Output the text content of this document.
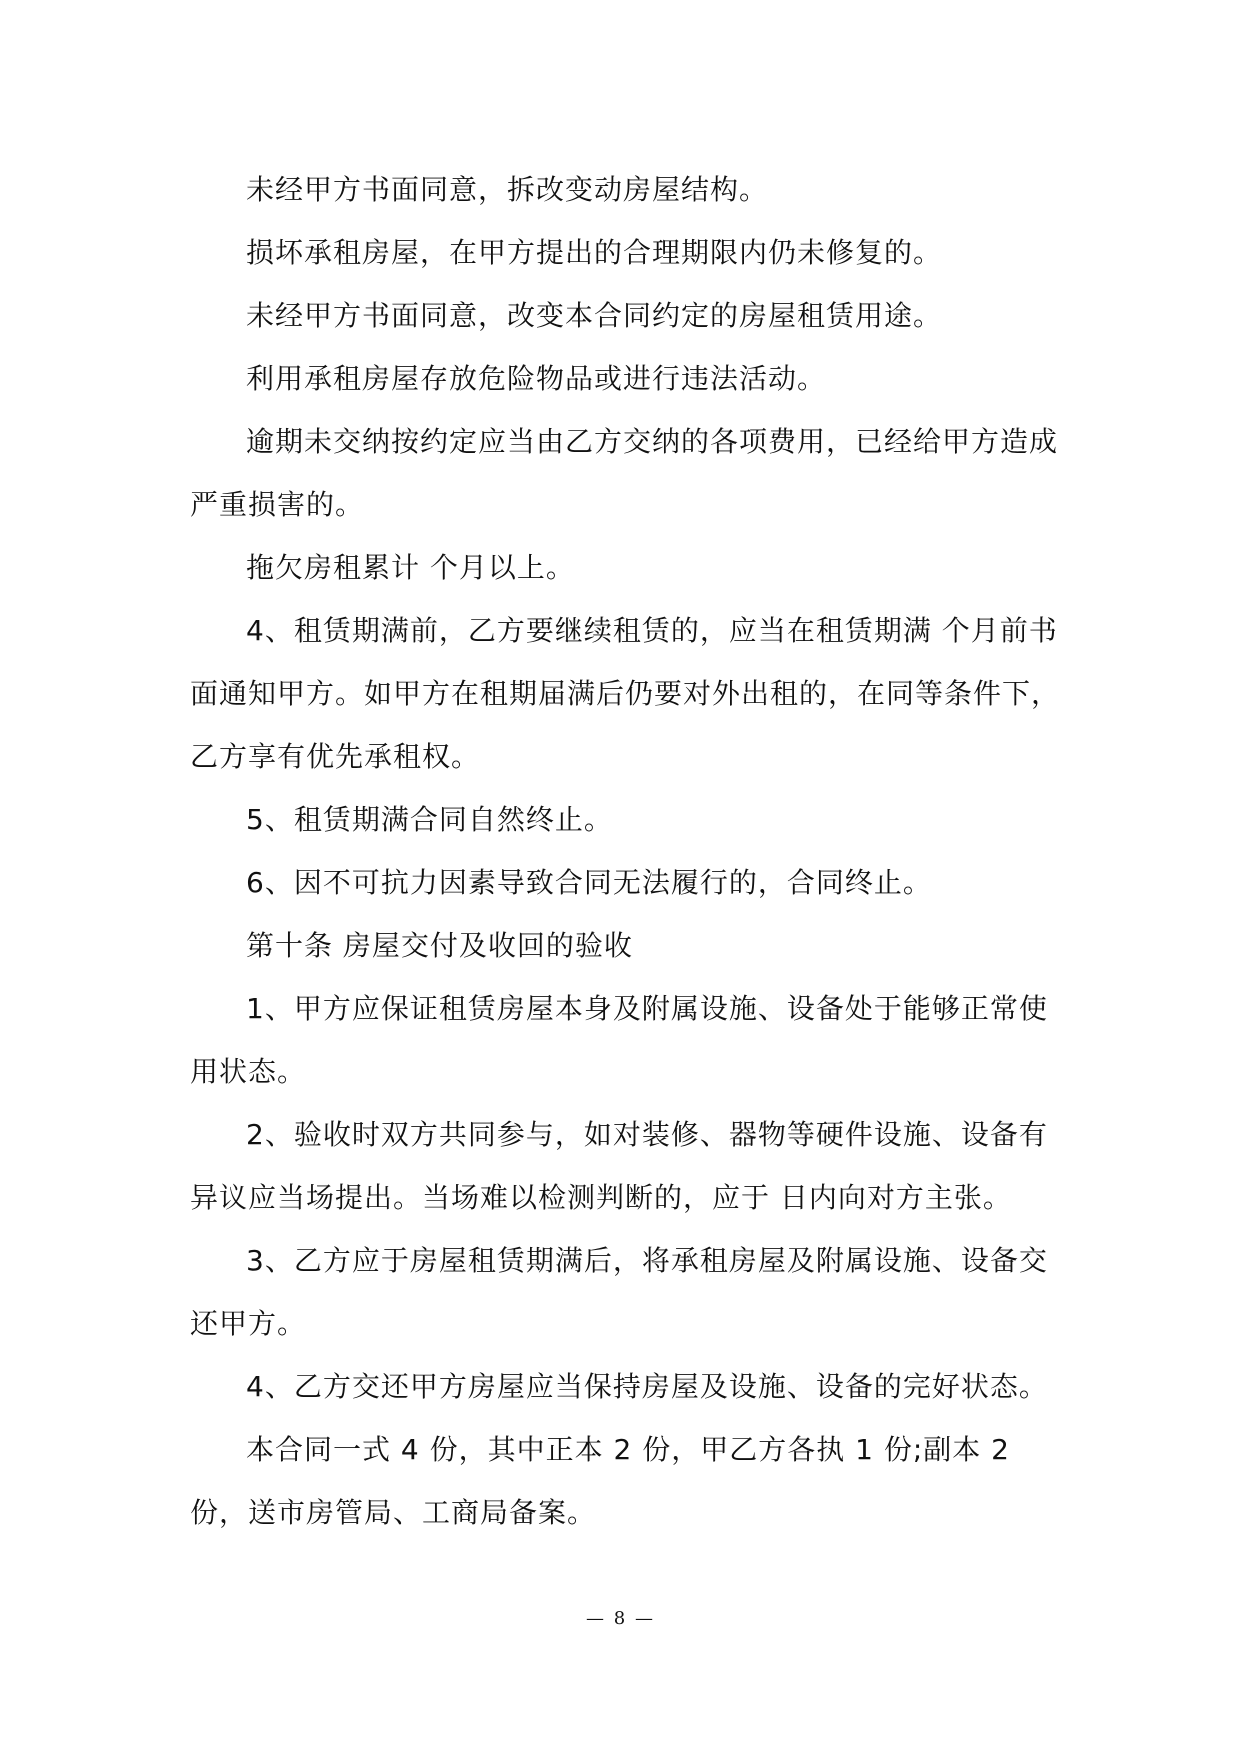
未经甲方书面同意，拆改变动房屋结构。

损坏承租房屋，在甲方提出的合理期限内仍未修复的。

未经甲方书面同意，改变本合同约定的房屋租赁用途。

利用承租房屋存放危险物品或进行违法活动。

逾期未交纳按约定应当由乙方交纳的各项费用，已经给甲方造成严重损害的。

拖欠房租累计 个月以上。

4、租赁期满前，乙方要继续租赁的，应当在租赁期满 个月前书面通知甲方。如甲方在租期届满后仍要对外出租的，在同等条件下，乙方享有优先承租权。

5、租赁期满合同自然终止。

6、因不可抗力因素导致合同无法履行的，合同终止。

第十条 房屋交付及收回的验收

1、甲方应保证租赁房屋本身及附属设施、设备处于能够正常使用状态。

2、验收时双方共同参与，如对装修、器物等硬件设施、设备有异议应当场提出。当场难以检测判断的，应于 日内向对方主张。

3、乙方应于房屋租赁期满后，将承租房屋及附属设施、设备交还甲方。

4、乙方交还甲方房屋应当保持房屋及设施、设备的完好状态。

本合同一式 4 份，其中正本 2 份，甲乙方各执 1 份;副本 2 份，送市房管局、工商局备案。

— 8 —
